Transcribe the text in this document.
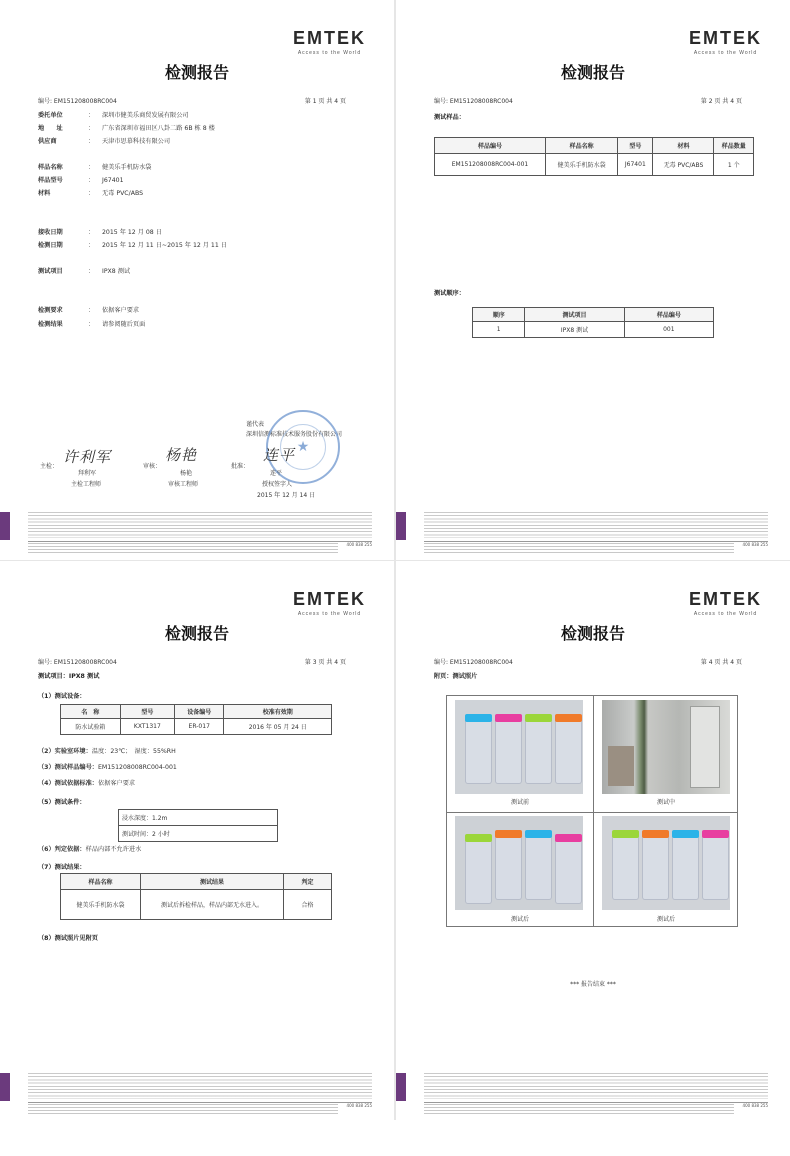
EMTEK
Access to the World
检测报告
编号: EM151208008RC004	第 1 页 共 4 页
委托单位	： 深圳市健美乐商贸发展有限公司
地　　址	： 广东省深圳市福田区八卦二路 6B 栋 8 楼
供应商	： 天津市思慕科技有限公司
样品名称	： 健美乐手机防水袋
样品型号	： J67401
材料	： 无毒 PVC/ABS
接收日期	： 2015 年 12 月 08 日
检测日期	： 2015 年 12 月 11 日~2015 年 12 月 11 日
测试项目	： IPX8 测试
检测要求	： 依据客户要求
检测结果	： 请参阅随后页面
谨代表
深圳信测标准技术服务股份有限公司
★
主检：
许利军
拜利军
主检工程师
审核：
杨艳
杨艳
审核工程师
批准：
连平
连平
授权签字人
2015 年 12 月 14 日
400 838 255
EMTEK
Access to the World
检测报告
编号: EM151208008RC004	第 2 页 共 4 页
测试样品：
样品编号	样品名称	型号	材料	样品数量
EM151208008RC004-001	健美乐手机防水袋	J67401	无毒 PVC/ABS	1 个
测试顺序：
顺序	测试项目	样品编号
1	IPX8 测试	001
400 838 255
EMTEK
Access to the World
检测报告
编号: EM151208008RC004	第 3 页 共 4 页
测试项目：IPX8 测试
（1）测试设备：
名　称	型号	设备编号	校准有效期
防水试验箱	KXT1317	ER-017	2016 年 05 月 24 日
（2）实验室环境：温度：23℃；　湿度：55%RH
（3）测试样品编号：EM151208008RC004-001
（4）测试依据标准：依据客户要求
（5）测试条件：
浸水深度：1.2m
测试时间：2 小时
（6）判定依据：样品内部不允许进水
（7）测试结果：
样品名称	测试结果	判定
健美乐手机防水袋	测试后拆检样品，样品内部无水进入。	合格
（8）测试照片见附页
400 838 255
EMTEK
Access to the World
检测报告
编号: EM151208008RC004	第 4 页 共 4 页
附页：测试照片
测试前	测试中
测试后	测试后
*** 报告结束 ***
400 838 255
